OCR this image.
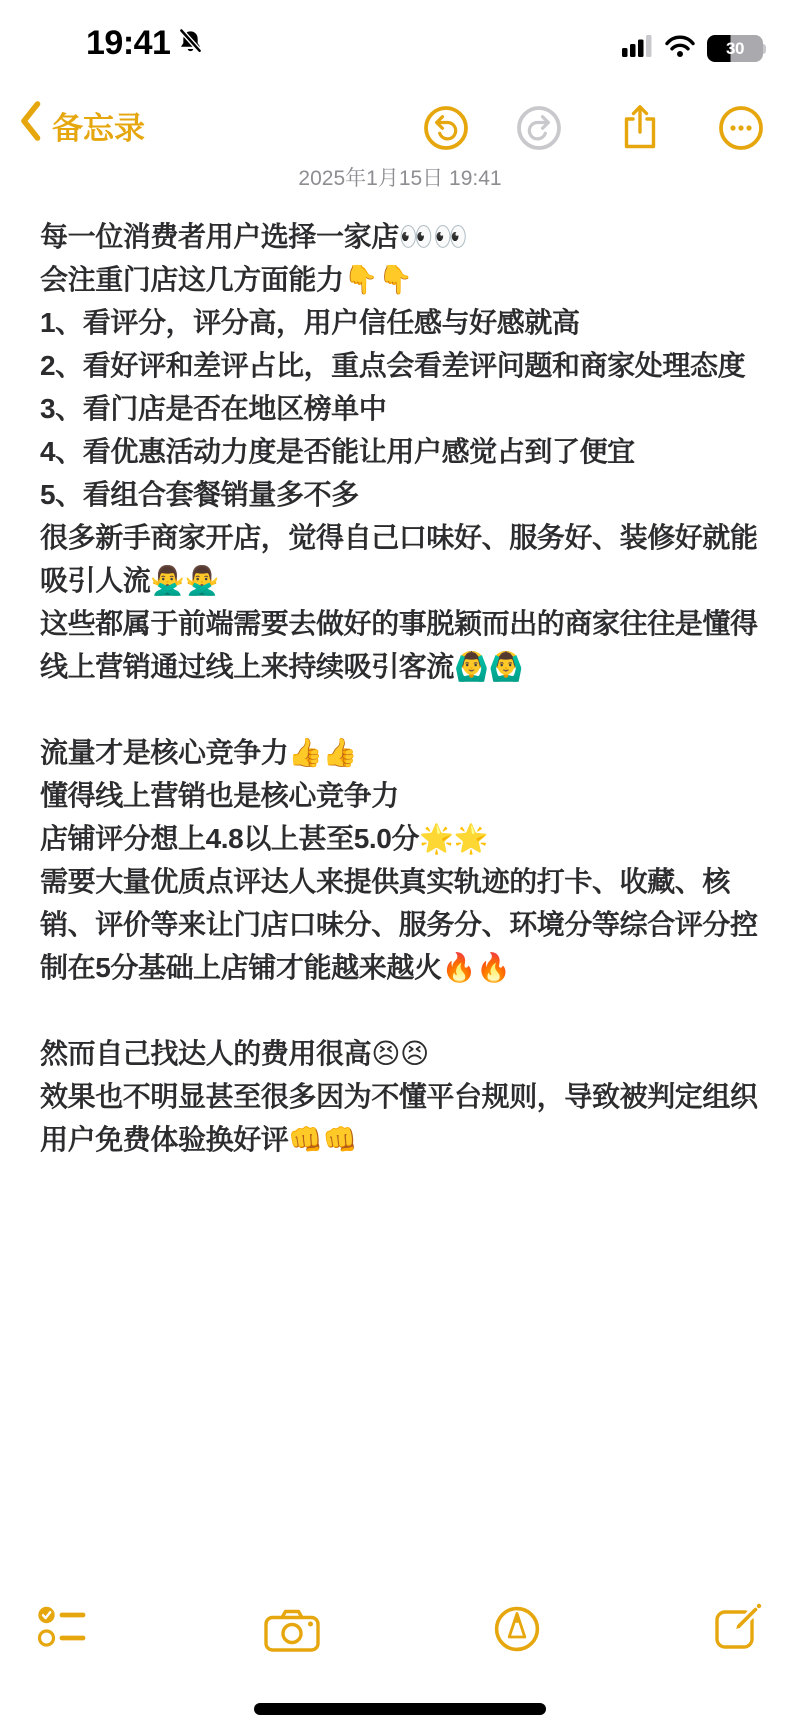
19:41	30
备忘录
2025年1月15日 19:41
每一位消费者用户选择一家店👀👀
会注重门店这几方面能力👇👇
1、看评分，评分高，用户信任感与好感就高
2、看好评和差评占比，重点会看差评问题和商家处理态度
3、看门店是否在地区榜单中
4、看优惠活动力度是否能让用户感觉占到了便宜
5、看组合套餐销量多不多
很多新手商家开店，觉得自己口味好、服务好、装修好就能吸引人流🙅‍♂️🙅‍♂️
这些都属于前端需要去做好的事脱颖而出的商家往往是懂得线上营销通过线上来持续吸引客流🙆‍♂️🙆‍♂️
流量才是核心竞争力👍👍
懂得线上营销也是核心竞争力
店铺评分想上4.8以上甚至5.0分🌟🌟
需要大量优质点评达人来提供真实轨迹的打卡、收藏、核销、评价等来让门店口味分、服务分、环境分等综合评分控制在5分基础上店铺才能越来越火🔥🔥
然而自己找达人的费用很高😣😣
效果也不明显甚至很多因为不懂平台规则，导致被判定组织用户免费体验换好评👊👊
